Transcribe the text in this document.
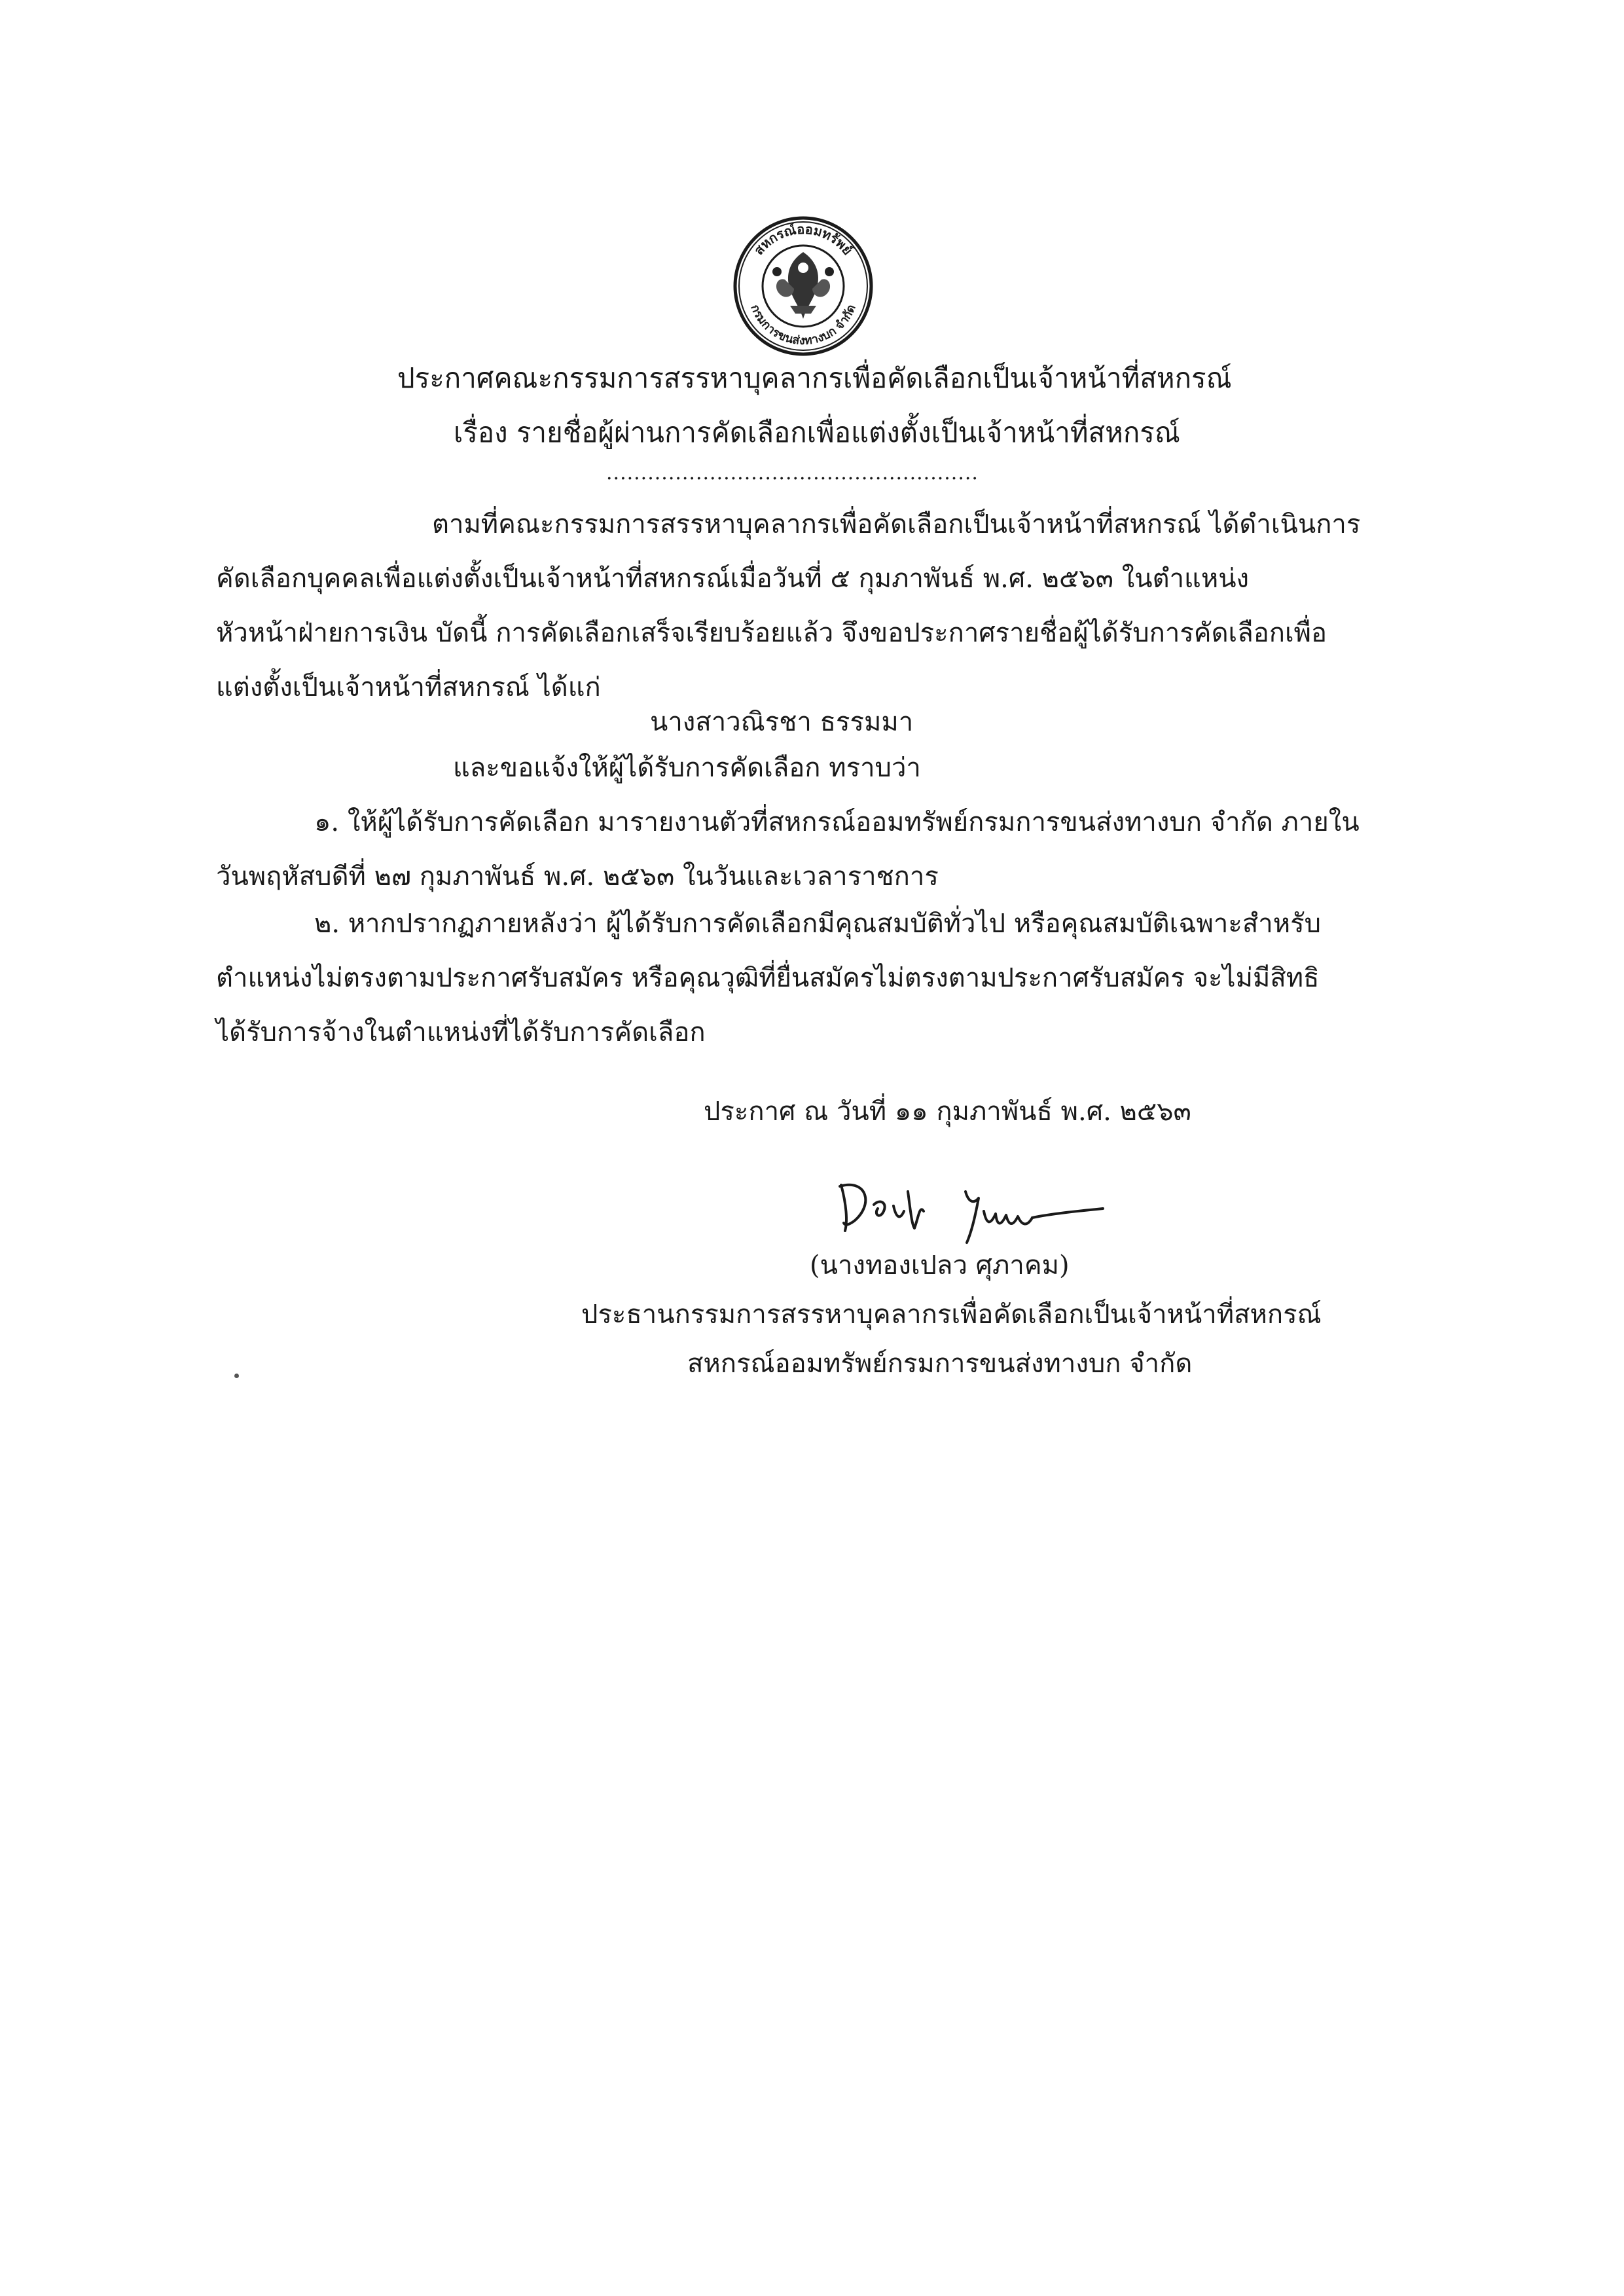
สหกรณ์ออมทรัพย์
กรมการขนส่งทางบก จำกัด
ประกาศคณะกรรมการสรรหาบุคลากรเพื่อคัดเลือกเป็นเจ้าหน้าที่สหกรณ์
เรื่อง รายชื่อผู้ผ่านการคัดเลือกเพื่อแต่งตั้งเป็นเจ้าหน้าที่สหกรณ์
......................................................
ตามที่คณะกรรมการสรรหาบุคลากรเพื่อคัดเลือกเป็นเจ้าหน้าที่สหกรณ์ ได้ดำเนินการ
คัดเลือกบุคคลเพื่อแต่งตั้งเป็นเจ้าหน้าที่สหกรณ์เมื่อวันที่ ๕ กุมภาพันธ์ พ.ศ. ๒๕๖๓ ในตำแหน่ง
หัวหน้าฝ่ายการเงิน บัดนี้ การคัดเลือกเสร็จเรียบร้อยแล้ว จึงขอประกาศรายชื่อผู้ได้รับการคัดเลือกเพื่อ
แต่งตั้งเป็นเจ้าหน้าที่สหกรณ์ ได้แก่
นางสาวณิรชา ธรรมมา
และขอแจ้งให้ผู้ได้รับการคัดเลือก ทราบว่า
๑. ให้ผู้ได้รับการคัดเลือก มารายงานตัวที่สหกรณ์ออมทรัพย์กรมการขนส่งทางบก จำกัด ภายใน
วันพฤหัสบดีที่ ๒๗ กุมภาพันธ์ พ.ศ. ๒๕๖๓ ในวันและเวลาราชการ
๒. หากปรากฏภายหลังว่า ผู้ได้รับการคัดเลือกมีคุณสมบัติทั่วไป หรือคุณสมบัติเฉพาะสำหรับ
ตำแหน่งไม่ตรงตามประกาศรับสมัคร หรือคุณวุฒิที่ยื่นสมัครไม่ตรงตามประกาศรับสมัคร จะไม่มีสิทธิ
ได้รับการจ้างในตำแหน่งที่ได้รับการคัดเลือก
ประกาศ ณ วันที่ ๑๑ กุมภาพันธ์ พ.ศ. ๒๕๖๓
(นางทองเปลว ศุภาคม)
ประธานกรรมการสรรหาบุคลากรเพื่อคัดเลือกเป็นเจ้าหน้าที่สหกรณ์
สหกรณ์ออมทรัพย์กรมการขนส่งทางบก จำกัด
